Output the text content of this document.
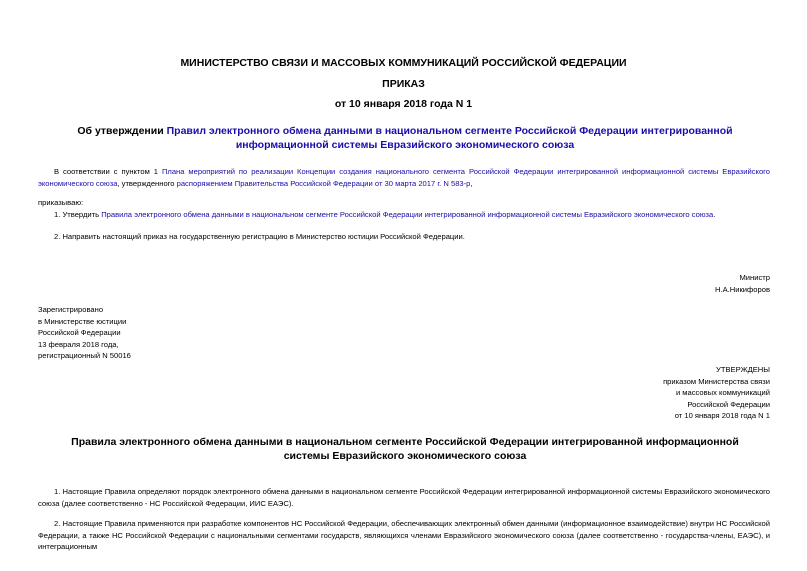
МИНИСТЕРСТВО СВЯЗИ И МАССОВЫХ КОММУНИКАЦИЙ РОССИЙСКОЙ ФЕДЕРАЦИИ
ПРИКАЗ
от 10 января 2018 года N 1
Об утверждении Правил электронного обмена данными в национальном сегменте Российской Федерации интегрированной информационной системы Евразийского экономического союза
В соответствии с пунктом 1 Плана мероприятий по реализации Концепции создания национального сегмента Российской Федерации интегрированной информационной системы Евразийского экономического союза, утвержденного распоряжением Правительства Российской Федерации от 30 марта 2017 г. N 583-р,
приказываю:
1. Утвердить Правила электронного обмена данными в национальном сегменте Российской Федерации интегрированной информационной системы Евразийского экономического союза.
2. Направить настоящий приказ на государственную регистрацию в Министерство юстиции Российской Федерации.
Министр
Н.А.Никифоров
Зарегистрировано
в Министерстве юстиции
Российской Федерации
13 февраля 2018 года,
регистрационный N 50016
УТВЕРЖДЕНЫ
приказом Министерства связи
и массовых коммуникаций
Российской Федерации
от 10 января 2018 года N 1
Правила электронного обмена данными в национальном сегменте Российской Федерации интегрированной информационной системы Евразийского экономического союза
1. Настоящие Правила определяют порядок электронного обмена данными в национальном сегменте Российской Федерации интегрированной информационной системы Евразийского экономического союза (далее соответственно - НС Российской Федерации, ИИС ЕАЭС).
2. Настоящие Правила применяются при разработке компонентов НС Российской Федерации, обеспечивающих электронный обмен данными (информационное взаимодействие) внутри НС Российской Федерации, а также НС Российской Федерации с национальными сегментами государств, являющихся членами Евразийского экономического союза (далее соответственно - государства-члены, ЕАЭС), и интеграционным
